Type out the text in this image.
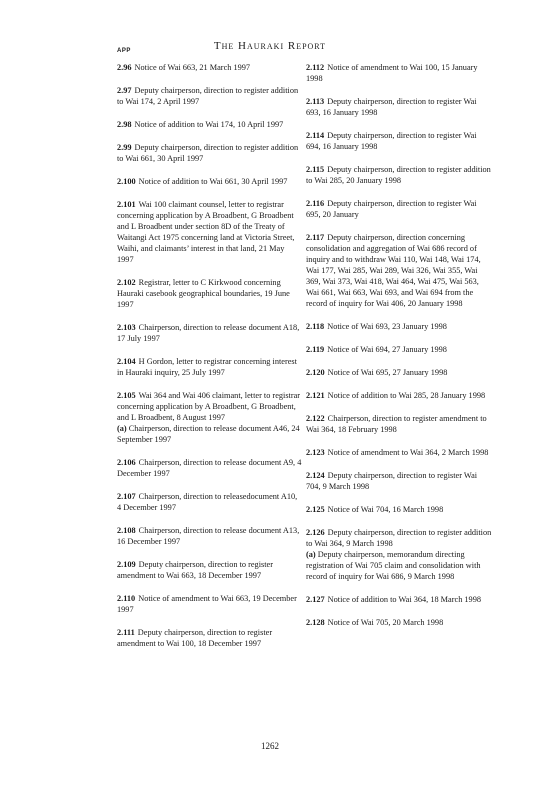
The Hauraki Report
APP
2.96 Notice of Wai 663, 21 March 1997
2.97 Deputy chairperson, direction to register addition to Wai 174, 2 April 1997
2.98 Notice of addition to Wai 174, 10 April 1997
2.99 Deputy chairperson, direction to register addition to Wai 661, 30 April 1997
2.100 Notice of addition to Wai 661, 30 April 1997
2.101 Wai 100 claimant counsel, letter to registrar concerning application by A Broadbent, G Broadbent and L Broadbent under section 8D of the Treaty of Waitangi Act 1975 concerning land at Victoria Street, Waihi, and claimants’ interest in that land, 21 May 1997
2.102 Registrar, letter to C Kirkwood concerning Hauraki casebook geographical boundaries, 19 June 1997
2.103 Chairperson, direction to release document A18, 17 July 1997
2.104 H Gordon, letter to registrar concerning interest in Hauraki inquiry, 25 July 1997
2.105 Wai 364 and Wai 406 claimant, letter to registrar concerning application by A Broadbent, G Broadbent, and L Broadbent, 8 August 1997
(a) Chairperson, direction to release document A46, 24 September 1997
2.106 Chairperson, direction to release document A9, 4 December 1997
2.107 Chairperson, direction to releasedocument A10, 4 December 1997
2.108 Chairperson, direction to release document A13, 16 December 1997
2.109 Deputy chairperson, direction to register amendment to Wai 663, 18 December 1997
2.110 Notice of amendment to Wai 663, 19 December 1997
2.111 Deputy chairperson, direction to register amendment to Wai 100, 18 December 1997
2.112 Notice of amendment to Wai 100, 15 January 1998
2.113 Deputy chairperson, direction to register Wai 693, 16 January 1998
2.114 Deputy chairperson, direction to register Wai 694, 16 January 1998
2.115 Deputy chairperson, direction to register addition to Wai 285, 20 January 1998
2.116 Deputy chairperson, direction to register Wai 695, 20 January
2.117 Deputy chairperson, direction concerning consolidation and aggregation of Wai 686 record of inquiry and to withdraw Wai 110, Wai 148, Wai 174, Wai 177, Wai 285, Wai 289, Wai 326, Wai 355, Wai 369, Wai 373, Wai 418, Wai 464, Wai 475, Wai 563, Wai 661, Wai 663, Wai 693, and Wai 694 from the record of inquiry for Wai 406, 20 January 1998
2.118 Notice of Wai 693, 23 January 1998
2.119 Notice of Wai 694, 27 January 1998
2.120 Notice of Wai 695, 27 January 1998
2.121 Notice of addition to Wai 285, 28 January 1998
2.122 Chairperson, direction to register amendment to Wai 364, 18 February 1998
2.123 Notice of amendment to Wai 364, 2 March 1998
2.124 Deputy chairperson, direction to register Wai 704, 9 March 1998
2.125 Notice of Wai 704, 16 March 1998
2.126 Deputy chairperson, direction to register addition to Wai 364, 9 March 1998
(a) Deputy chairperson, memorandum directing registration of Wai 705 claim and consolidation with record of inquiry for Wai 686, 9 March 1998
2.127 Notice of addition to Wai 364, 18 March 1998
2.128 Notice of Wai 705, 20 March 1998
1262
